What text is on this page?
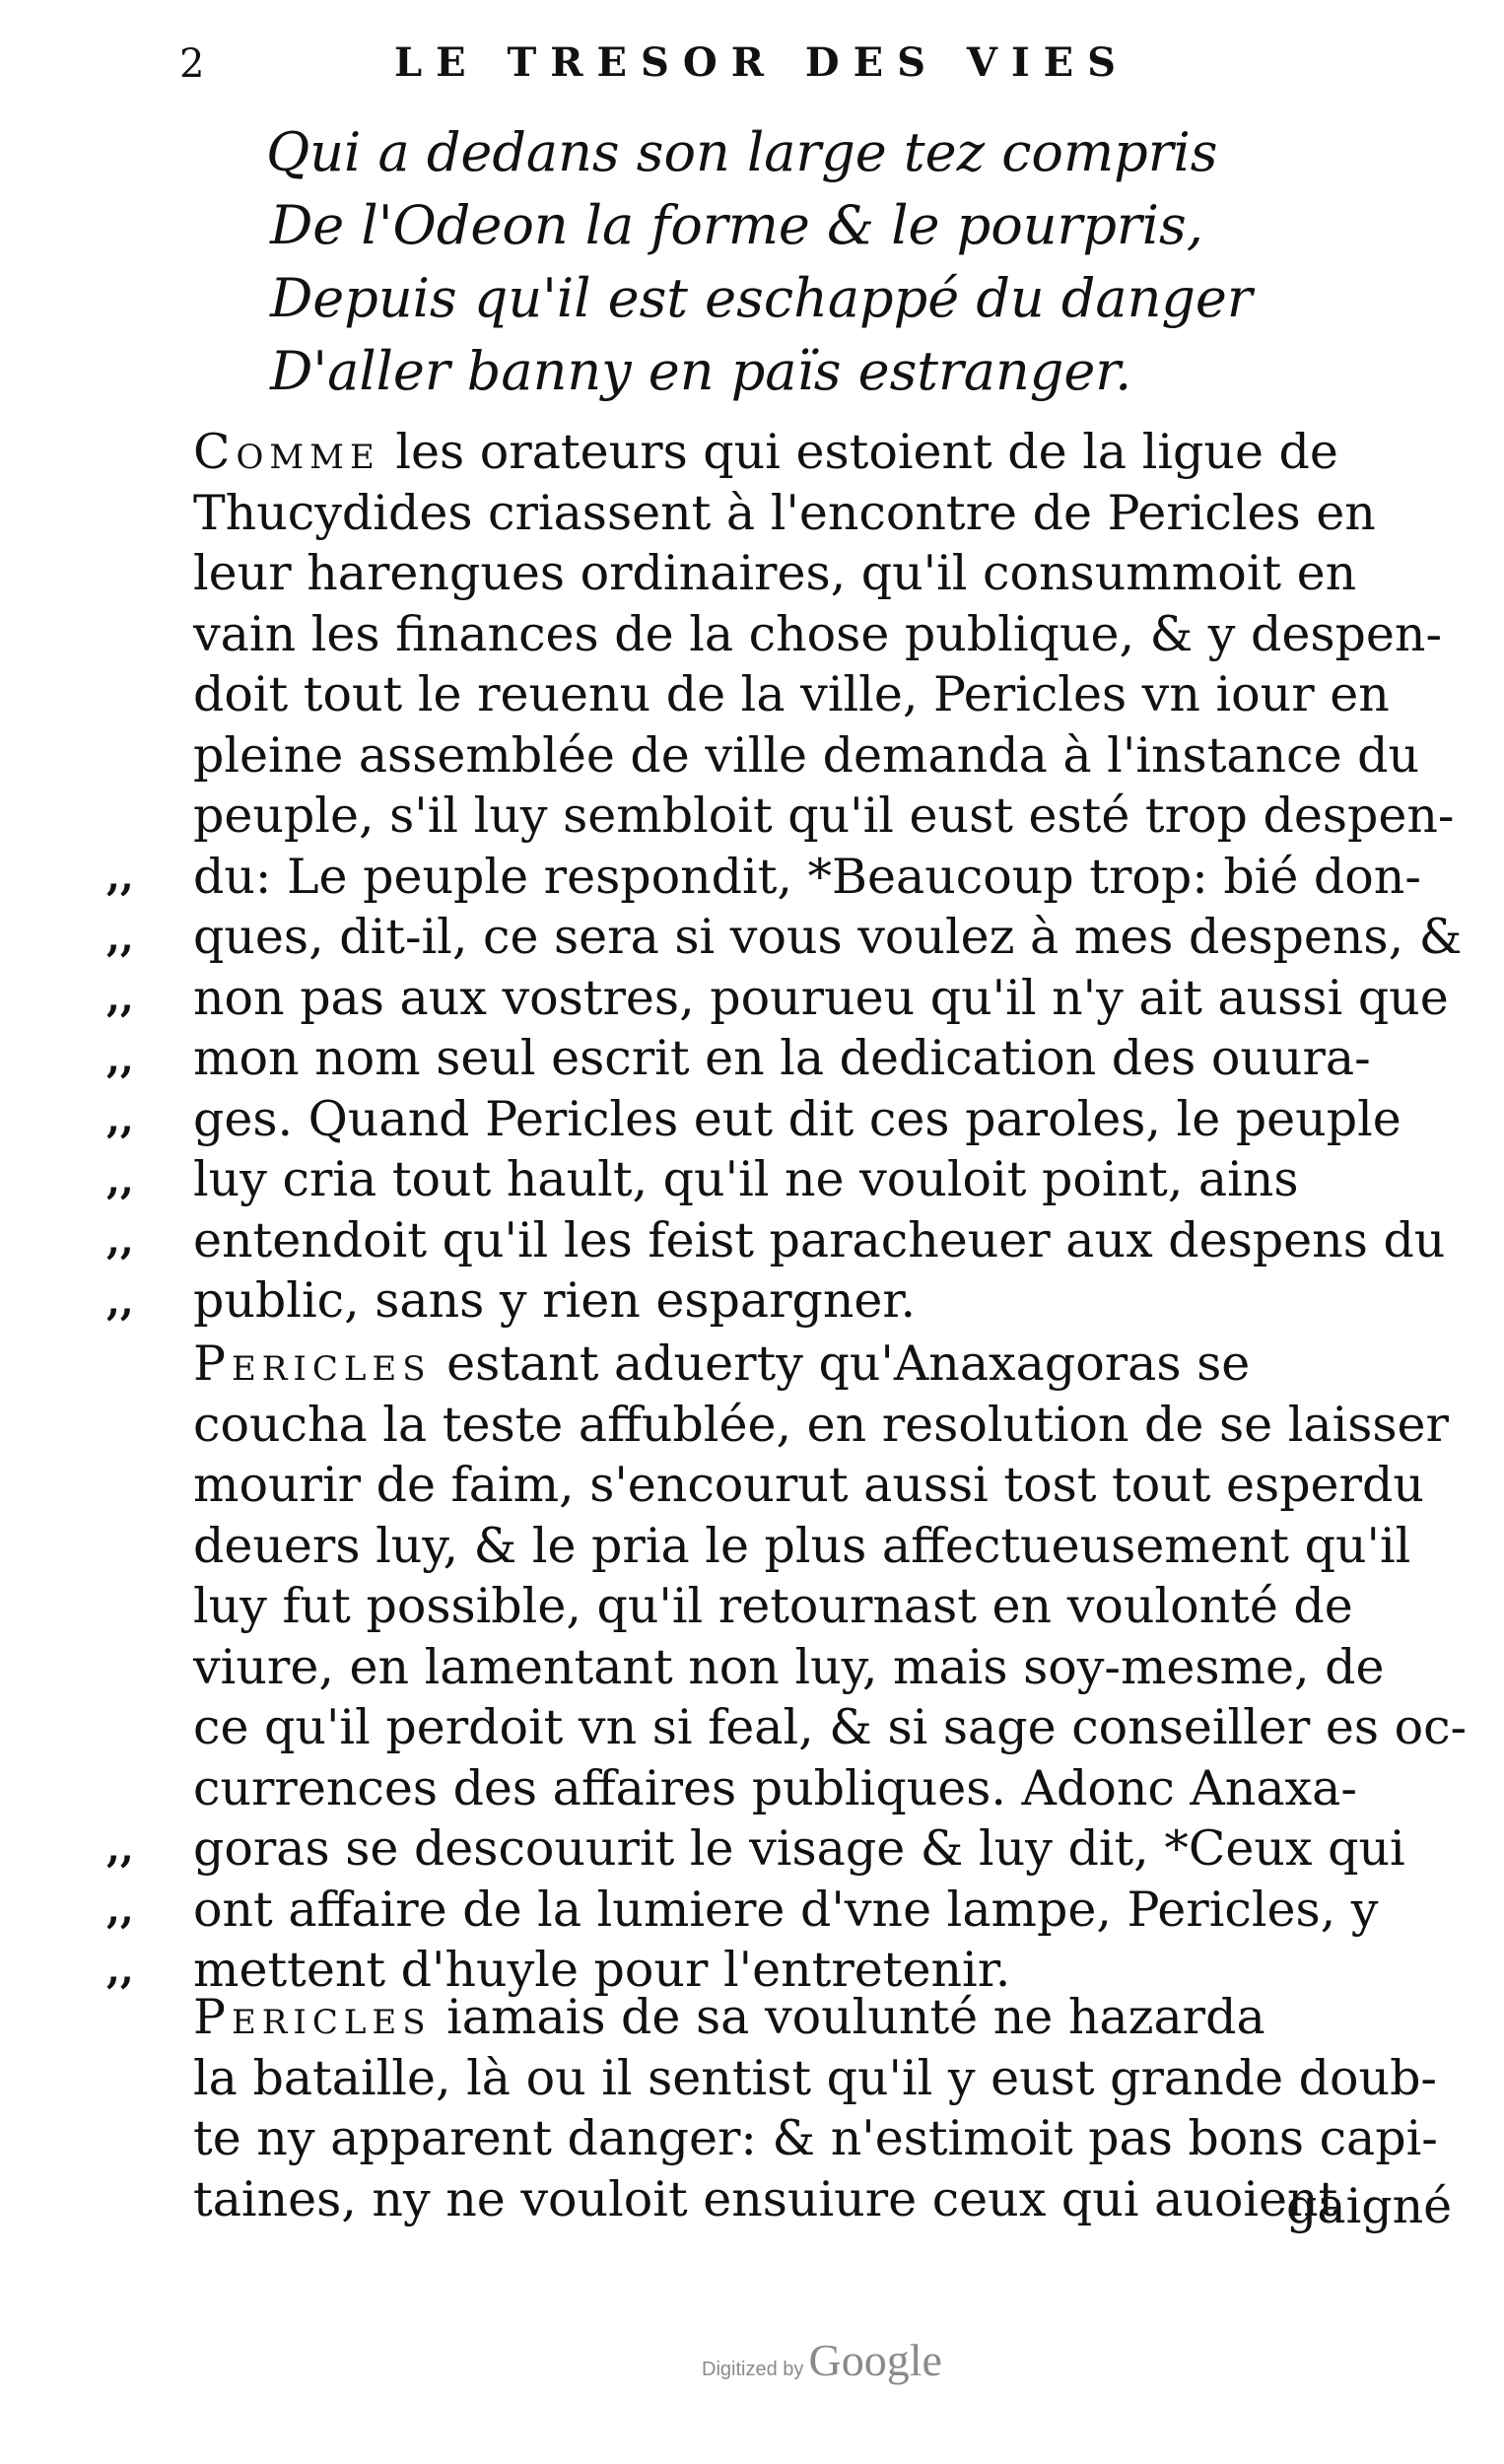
2	LE TRESOR DES VIES
Qui a dedans son large tez compris
De l'Odeon la forme & le pourpris,
Depuis qu'il est eschappé du danger
D'aller banny en païs estranger.
Comme les orateurs qui estoient de la ligue de
Thucydides criassent à l'encontre de Pericles en
leur harengues ordinaires, qu'il consummoit en
vain les finances de la chose publique, & y despen-
doit tout le reuenu de la ville, Pericles vn iour en
pleine assemblée de ville demanda à l'instance du
peuple, s'il luy sembloit qu'il eust esté trop despen-
du: Le peuple respondit, *Beaucoup trop: bié don-
ques, dit-il, ce sera si vous voulez à mes despens, &
non pas aux vostres, pourueu qu'il n'y ait aussi que
mon nom seul escrit en la dedication des ouura-
ges. Quand Pericles eut dit ces paroles, le peuple
luy cria tout hault, qu'il ne vouloit point, ains
entendoit qu'il les feist paracheuer aux despens du
public, sans y rien espargner.
,,
,,
,,
,,
,,
,,
,,
,,
Pericles estant aduerty qu'Anaxagoras se
coucha la teste affublée, en resolution de se laisser
mourir de faim, s'encourut aussi tost tout esperdu
deuers luy, & le pria le plus affectueusement qu'il
luy fut possible, qu'il retournast en voulonté de
viure, en lamentant non luy, mais soy-mesme, de
ce qu'il perdoit vn si feal, & si sage conseiller es oc-
currences des affaires publiques. Adonc Anaxa-
goras se descouurit le visage & luy dit, *Ceux qui
ont affaire de la lumiere d'vne lampe, Pericles, y
mettent d'huyle pour l'entretenir.
,,
,,
,,
Pericles iamais de sa voulunté ne hazarda
la bataille, là ou il sentist qu'il y eust grande doub-
te ny apparent danger: & n'estimoit pas bons capi-
taines, ny ne vouloit ensuiure ceux qui auoient
gaigné
Digitized by Google
